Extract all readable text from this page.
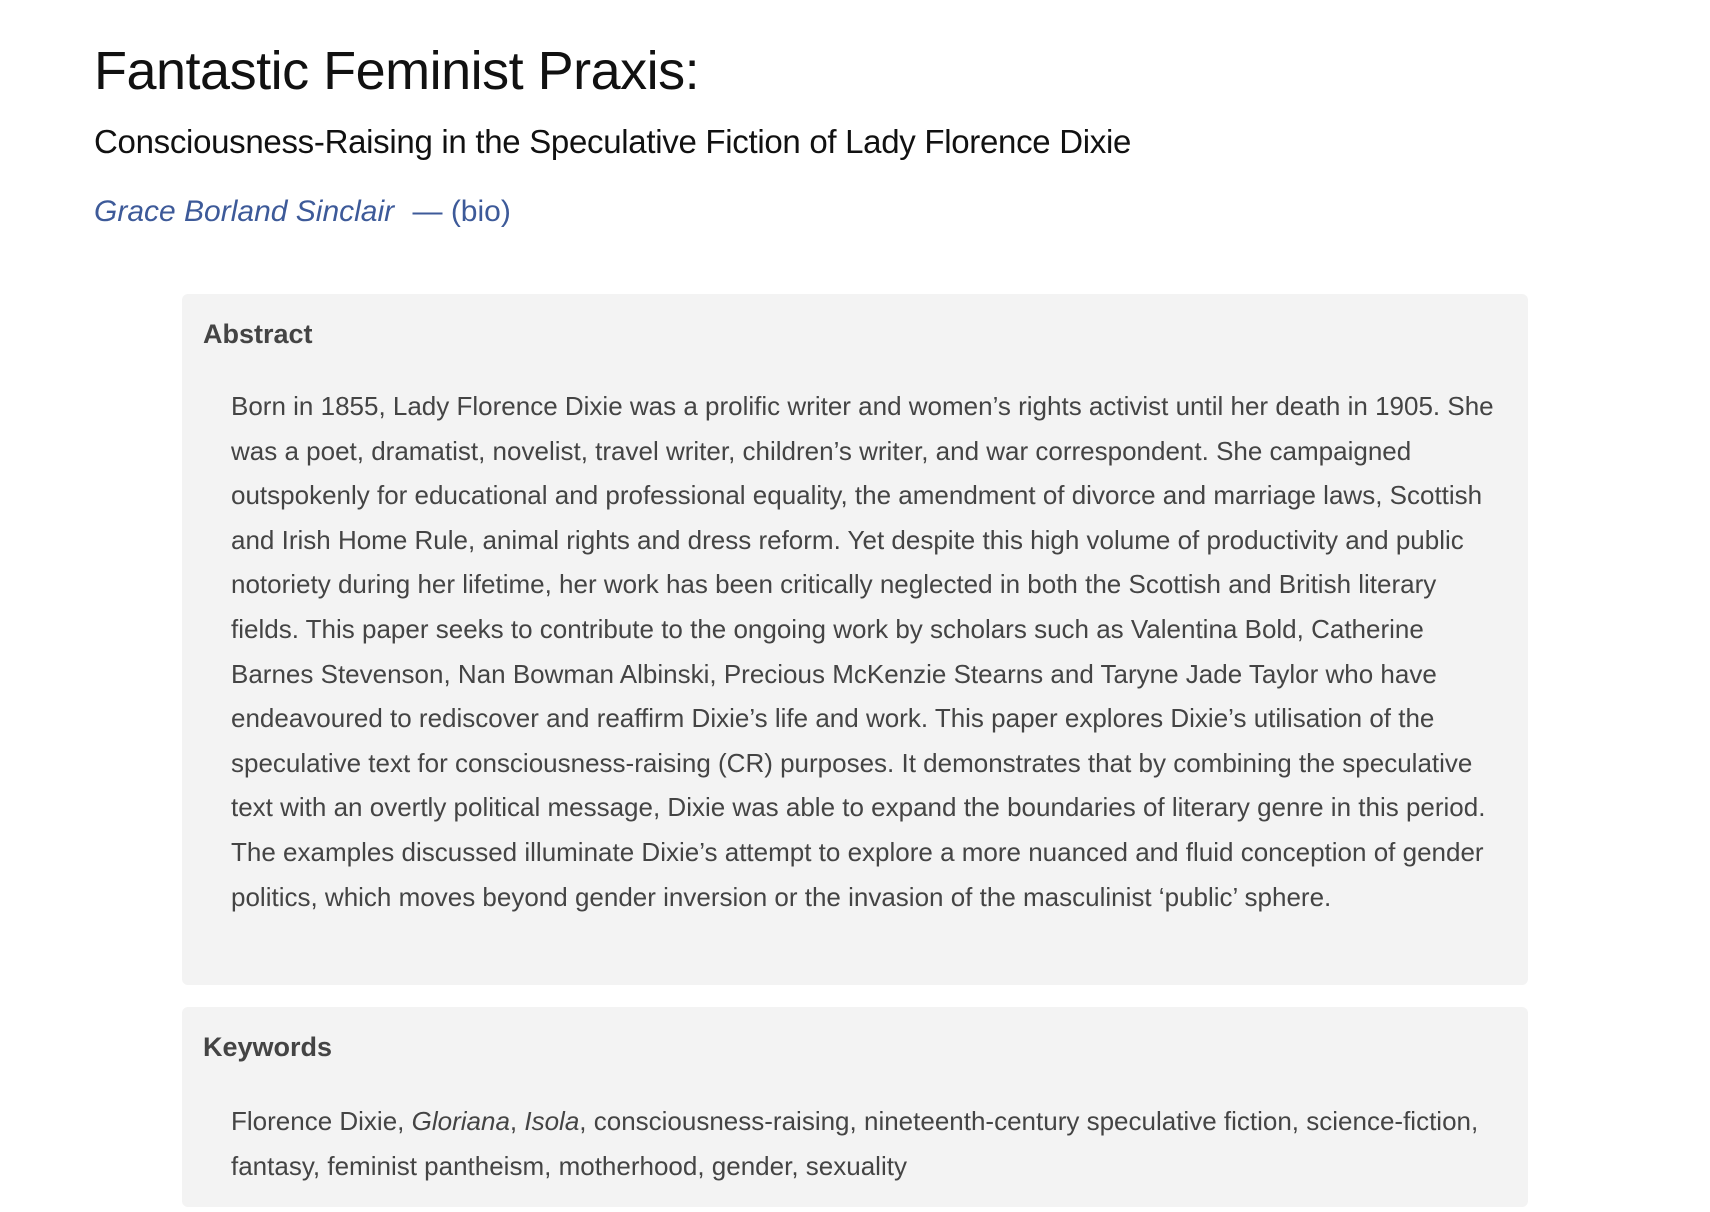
Fantastic Feminist Praxis:
Consciousness-Raising in the Speculative Fiction of Lady Florence Dixie
Grace Borland Sinclair — (bio)
Abstract

Born in 1855, Lady Florence Dixie was a prolific writer and women’s rights activist until her death in 1905. She was a poet, dramatist, novelist, travel writer, children’s writer, and war correspondent. She campaigned outspokenly for educational and professional equality, the amendment of divorce and marriage laws, Scottish and Irish Home Rule, animal rights and dress reform. Yet despite this high volume of productivity and public notoriety during her lifetime, her work has been critically neglected in both the Scottish and British literary fields. This paper seeks to contribute to the ongoing work by scholars such as Valentina Bold, Catherine Barnes Stevenson, Nan Bowman Albinski, Precious McKenzie Stearns and Taryne Jade Taylor who have endeavoured to rediscover and reaffirm Dixie’s life and work. This paper explores Dixie’s utilisation of the speculative text for consciousness-raising (CR) purposes. It demonstrates that by combining the speculative text with an overtly political message, Dixie was able to expand the boundaries of literary genre in this period. The examples discussed illuminate Dixie’s attempt to explore a more nuanced and fluid conception of gender politics, which moves beyond gender inversion or the invasion of the masculinist ‘public’ sphere.

Keywords

Florence Dixie, Gloriana, Isola, consciousness-raising, nineteenth-century speculative fiction, science-fiction, fantasy, feminist pantheism, motherhood, gender, sexuality
